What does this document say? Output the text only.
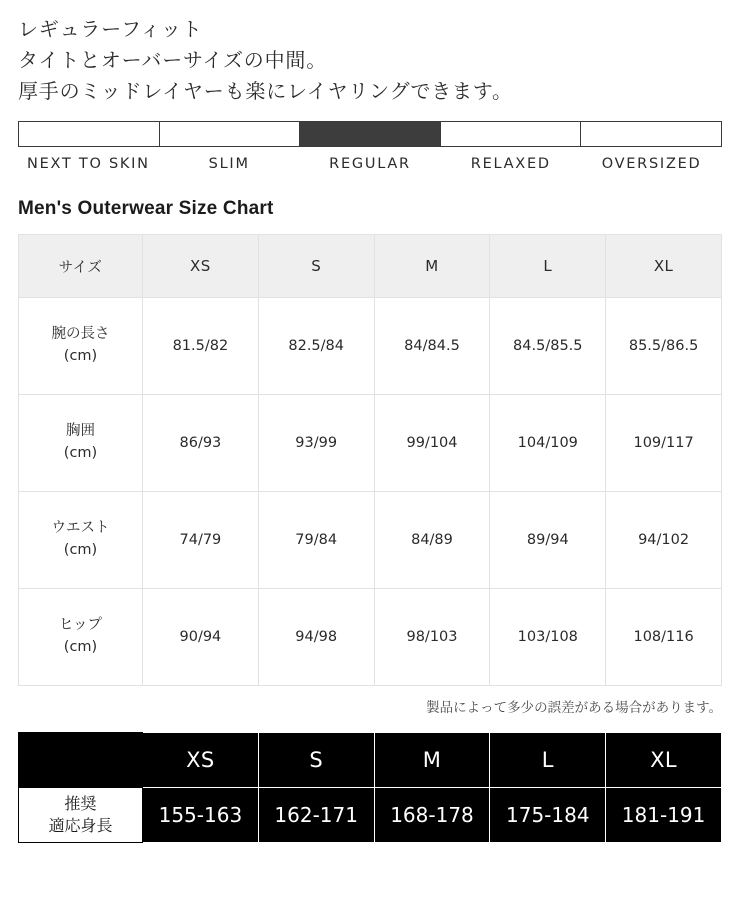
レギュラーフィット
タイトとオーバーサイズの中間。
厚手のミッドレイヤーも楽にレイヤリングできます。
NEXT TO SKIN	SLIM	REGULAR	RELAXED	OVERSIZED
Men's Outerwear Size Chart
サイズ	XS	S	M	L	XL
腕の長さ
(cm)	81.5/82	82.5/84	84/84.5	84.5/85.5	85.5/86.5
胸囲
(cm)	86/93	93/99	99/104	104/109	109/117
ウエスト
(cm)	74/79	79/84	84/89	89/94	94/102
ヒップ
(cm)	90/94	94/98	98/103	103/108	108/116
製品によって多少の誤差がある場合があります。
	XS	S	M	L	XL
推奨
適応身長	155-163	162-171	168-178	175-184	181-191
